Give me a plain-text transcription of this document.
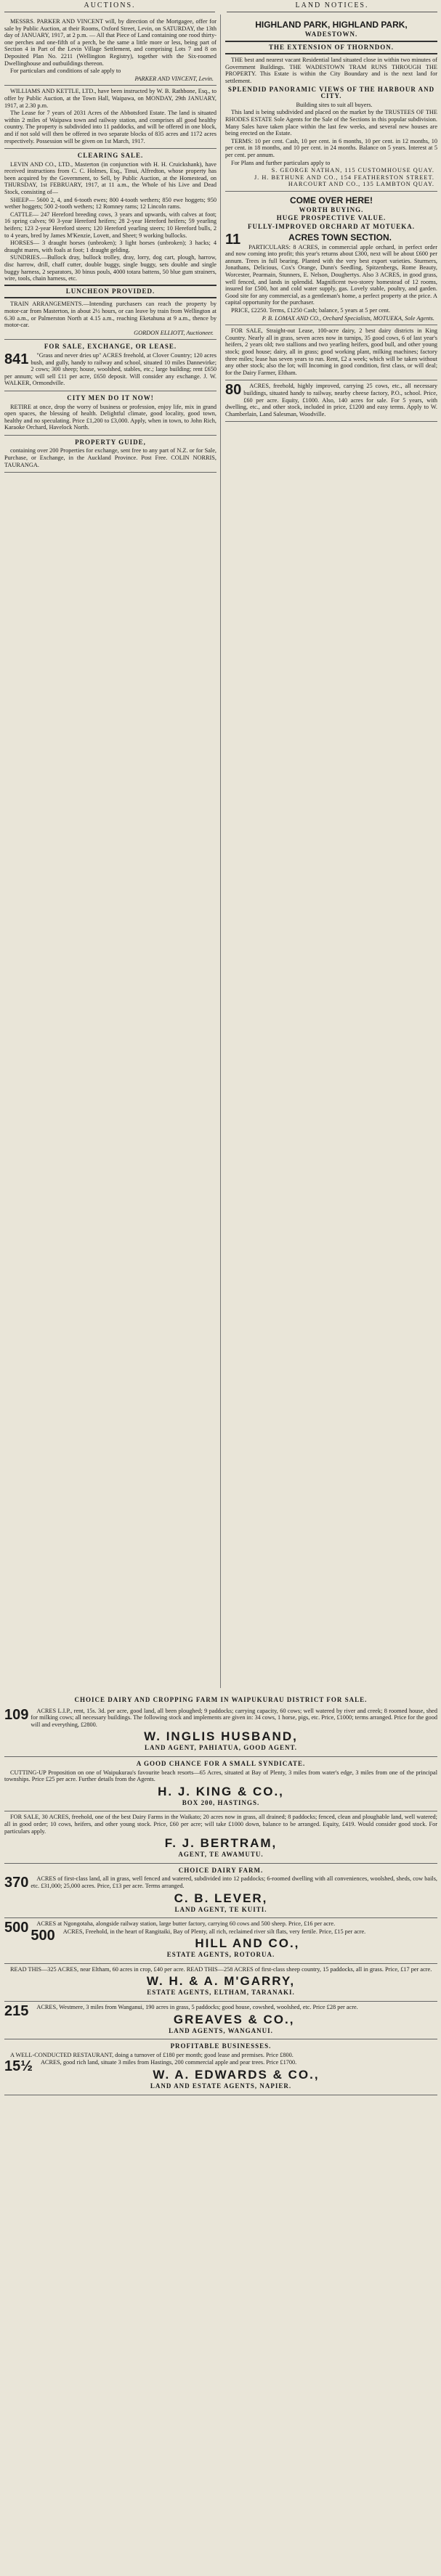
AUCTIONS.	LAND NOTICES.

MESSRS. PARKER AND VINCENT will, by direction of the Mortgagee, offer for sale by Public Auction, at their Rooms, Oxford Street, Levin, on SATURDAY, the 13th day of JANUARY, 1917, at 2 p.m. — All that Piece of Land containing one rood thirty-one perches and one-fifth of a perch, be the same a little more or less, being part of Section 4 in Part of the Levin Village Settlement, and comprising Lots 7 and 8 on Deposited Plan No. 2211 (Wellington Registry), together with the Six-roomed Dwellinghouse and outbuildings thereon.

For particulars and conditions of sale apply to

PARKER AND VINCENT, Levin.

WILLIAMS AND KETTLE, LTD., have been instructed by W. B. Rathbone, Esq., to offer by Public Auction, at the Town Hall, Waipawa, on MONDAY, 29th JANUARY, 1917, at 2.30 p.m.

The Lease for 7 years of 2031 Acres of the Abbotsford Estate. The land is situated within 2 miles of Waipawa town and railway station, and comprises all good healthy country. The property is subdivided into 11 paddocks, and will be offered in one block, and if not sold will then be offered in two separate blocks of 835 acres and 1172 acres respectively. Possession will be given on 1st March, 1917.

CLEARING SALE.

LEVIN AND CO., LTD., Masterton (in conjunction with H. H. Cruickshank), have received instructions from C. C. Holmes, Esq., Tinui, Alfredton, whose property has been acquired by the Government, to Sell, by Public Auction, at the Homestead, on THURSDAY, 1st FEBRUARY, 1917, at 11 a.m., the Whole of his Live and Dead Stock, consisting of—

SHEEP— 5600 2, 4, and 6-tooth ewes; 800 4-tooth wethers; 850 ewe hoggets; 950 wether hoggets; 500 2-tooth wethers; 12 Romney rams; 12 Lincoln rams.

CATTLE— 247 Hereford breeding cows, 3 years and upwards, with calves at foot; 16 spring calves; 90 3-year Hereford heifers; 28 2-year Hereford heifers; 59 yearling heifers; 123 2-year Hereford steers; 120 Hereford yearling steers; 10 Hereford bulls, 2 to 4 years, bred by James M'Kenzie, Lovett, and Sheet; 9 working bullocks.

HORSES— 3 draught horses (unbroken); 3 light horses (unbroken); 3 hacks; 4 draught mares, with foals at foot; 1 draught gelding.

SUNDRIES.—Bullock dray, bullock trolley, dray, lorry, dog cart, plough, harrow, disc harrow, drill, chaff cutter, double buggy, single buggy, sets double and single buggy harness, 2 separators, 30 binus pouls, 4000 totara battens, 50 blue gum strainers, wire, tools, chain harness, etc.

LUNCHEON PROVIDED.

TRAIN ARRANGEMENTS.—Intending purchasers can reach the property by motor-car from Masterton, in about 2½ hours, or can leave by train from Wellington at 6.30 a.m., or Palmerston North at 4.15 a.m., reaching Eketahuna at 9 a.m., thence by motor-car.

GORDON ELLIOTT, Auctioneer.
FOR SALE, EXCHANGE, OR LEASE.
841	"Grass and never dries up" ACRES freehold, at Clover Country; 120 acres bush, and gully, handy to railway and school, situated 10 miles Dannevirke; 2 cows; 300 sheep; house, woolshed, stables, etc.; large building; rent £650 per annum; will sell £11 per acre, £650 deposit. Will consider any exchange. J. W. WALKER, Ormondville.

CITY MEN DO IT NOW!

RETIRE at once, drop the worry of business or profession, enjoy life, mix in grand open spaces, the blessing of health. Delightful climate, good locality, good town, healthy and no speculating. Price £1,200 to £3,000. Apply, when in town, to John Rich, Karaoke Orchard, Havelock North.

PROPERTY GUIDE,

containing over 200 Properties for exchange, sent free to any part of N.Z. or for Sale, Purchase, or Exchange, in the Auckland Province. Post Free. COLIN NORRIS, TAURANGA.

HIGHLAND PARK, HIGHLAND PARK,
WADESTOWN.
THE EXTENSION OF THORNDON.

THE best and nearest vacant Residential land situated close in within two minutes of Government Buildings. THE WADESTOWN TRAM RUNS THROUGH THE PROPERTY. This Estate is within the City Boundary and is the next land for settlement.

SPLENDID PANORAMIC VIEWS OF THE HARBOUR AND CITY.

Building sites to suit all buyers.

This land is being subdivided and placed on the market by the TRUSTEES OF THE RHODES ESTATE Sole Agents for the Sale of the Sections in this popular subdivision. Many Sales have taken place within the last few weeks, and several new houses are being erected on the Estate.

TERMS: 10 per cent. Cash, 10 per cent. in 6 months, 10 per cent. in 12 months, 10 per cent. in 18 months, and 10 per cent. in 24 months. Balance on 5 years. Interest at 5 per cent. per annum.

For Plans and further particulars apply to

S. GEORGE NATHAN, 115 CUSTOMHOUSE QUAY.
J. H. BETHUNE AND CO., 154 FEATHERSTON STREET.
HARCOURT AND CO., 135 LAMBTON QUAY.
COME OVER HERE!
WORTH BUYING.
HUGE PROSPECTIVE VALUE.
FULLY-IMPROVED ORCHARD AT MOTUEKA.
11	ACRES TOWN SECTION.

PARTICULARS: 8 ACRES, in commercial apple orchard, in perfect order and now coming into profit; this year's returns about £300, next will be about £600 per annum. Trees in full bearing. Planted with the very best export varieties. Sturmers, Jonathans, Delicious, Cox's Orange, Dunn's Seedling, Spitzenbergs, Rome Beauty, Worcester, Pearmain, Stunners, E. Nelson, Doughertys. Also 3 ACRES, in good grass, well fenced, and lands in splendid. Magnificent two-storey homestead of 12 rooms, insured for £500, hot and cold water supply, gas. Lovely stable, poultry, and garden. Good site for any commercial, as a gentleman's home, a perfect property at the price. A capital opportunity for the purchaser.

PRICE, £2250. Terms, £1250 Cash; balance, 5 years at 5 per cent.

P. B. LOMAX AND CO., Orchard Specialists, MOTUEKA, Sole Agents.

FOR SALE, Straight-out Lease, 100-acre dairy, 2 best dairy districts in King Country. Nearly all in grass, seven acres now in turnips, 35 good cows, 6 of last year's heifers, 2 years old; two stallions and two yearling heifers, good bull, and other young stock; good house; dairy, all in grass; good working plant, milking machines; factory three miles; lease has seven years to run. Rent, £2 a week; which will be taken without any other stock; also the lot; will Incoming in good condition, first class, or will deal; for the Dairy Farmer, Eltham.

80	ACRES, freehold, highly improved, carrying 25 cows, etc., all necessary buildings, situated handy to railway, nearby cheese factory, P.O., school. Price, £60 per acre. Equity, £1000. Also, 140 acres for sale. For 5 years, with dwelling, etc., and other stock, included in price, £1200 and easy terms. Apply to W. Chamberlain, Land Salesman, Woodville.

CHOICE DAIRY AND CROPPING FARM IN WAIPUKURAU DISTRICT FOR SALE.
109	ACRES L.I.P., rent, 15s. 3d. per acre, good land, all been ploughed; 9 paddocks; carrying capacity, 60 cows; well watered by river and creek; 8 roomed house, shed for milking cows; all necessary buildings. The following stock and implements are given in: 34 cows, 1 horse, pigs, etc. Price, £1000; terms arranged. Price for the good will and everything, £2800.

W. INGLIS HUSBAND,
LAND AGENT, PAHIATUA, GOOD AGENT.
A GOOD CHANCE FOR A SMALL SYNDICATE.

CUTTING-UP Proposition on one of Waipukurau's favourite beach resorts—65 Acres, situated at Bay of Plenty, 3 miles from water's edge, 3 miles from one of the principal townships. Price £25 per acre. Further details from the Agents.

H. J. KING & CO.,
BOX 200, HASTINGS.

FOR SALE, 30 ACRES, freehold, one of the best Dairy Farms in the Waikato; 20 acres now in grass, all drained; 8 paddocks; fenced, clean and ploughable land, well watered; all in good order; 10 cows, heifers, and other young stock. Price, £60 per acre; will take £1000 down, balance to be arranged. Equity, £419. Would consider good stock. For particulars apply.

F. J. BERTRAM,
AGENT, TE AWAMUTU.
CHOICE DAIRY FARM.
370	ACRES of first-class land, all in grass, well fenced and watered, subdivided into 12 paddocks; 6-roomed dwelling with all conveniences, woolshed, sheds, cow bails, etc. £31,000; 25,000 acres. Price, £13 per acre. Terms arranged.

C. B. LEVER,
LAND AGENT, TE KUITI.
500	ACRES at Ngongotaha, alongside railway station, large butter factory, carrying 60 cows and 500 sheep. Price, £16 per acre.

500	ACRES, Freehold, in the heart of Rangitaiki, Bay of Plenty, all rich, reclaimed river silt flats, very fertile. Price, £15 per acre.

HILL AND CO.,
ESTATE AGENTS, ROTORUA.

READ THIS—325 ACRES, near Eltham, 60 acres in crop, £40 per acre. READ THIS—258 ACRES of first-class sheep country, 15 paddocks, all in grass. Price, £17 per acre.

W. H. & A. M'GARRY,
ESTATE AGENTS, ELTHAM, TARANAKI.
215	ACRES, Westmere, 3 miles from Wanganui, 190 acres in grass, 5 paddocks; good house, cowshed, woolshed, etc. Price £28 per acre.

GREAVES & CO.,
LAND AGENTS, WANGANUI.
PROFITABLE BUSINESSES.

A WELL-CONDUCTED RESTAURANT, doing a turnover of £180 per month; good lease and premises. Price £800.

15½	ACRES, good rich land, situate 3 miles from Hastings, 200 commercial apple and pear trees. Price £1700.

W. A. EDWARDS & CO.,
LAND AND ESTATE AGENTS, NAPIER.
